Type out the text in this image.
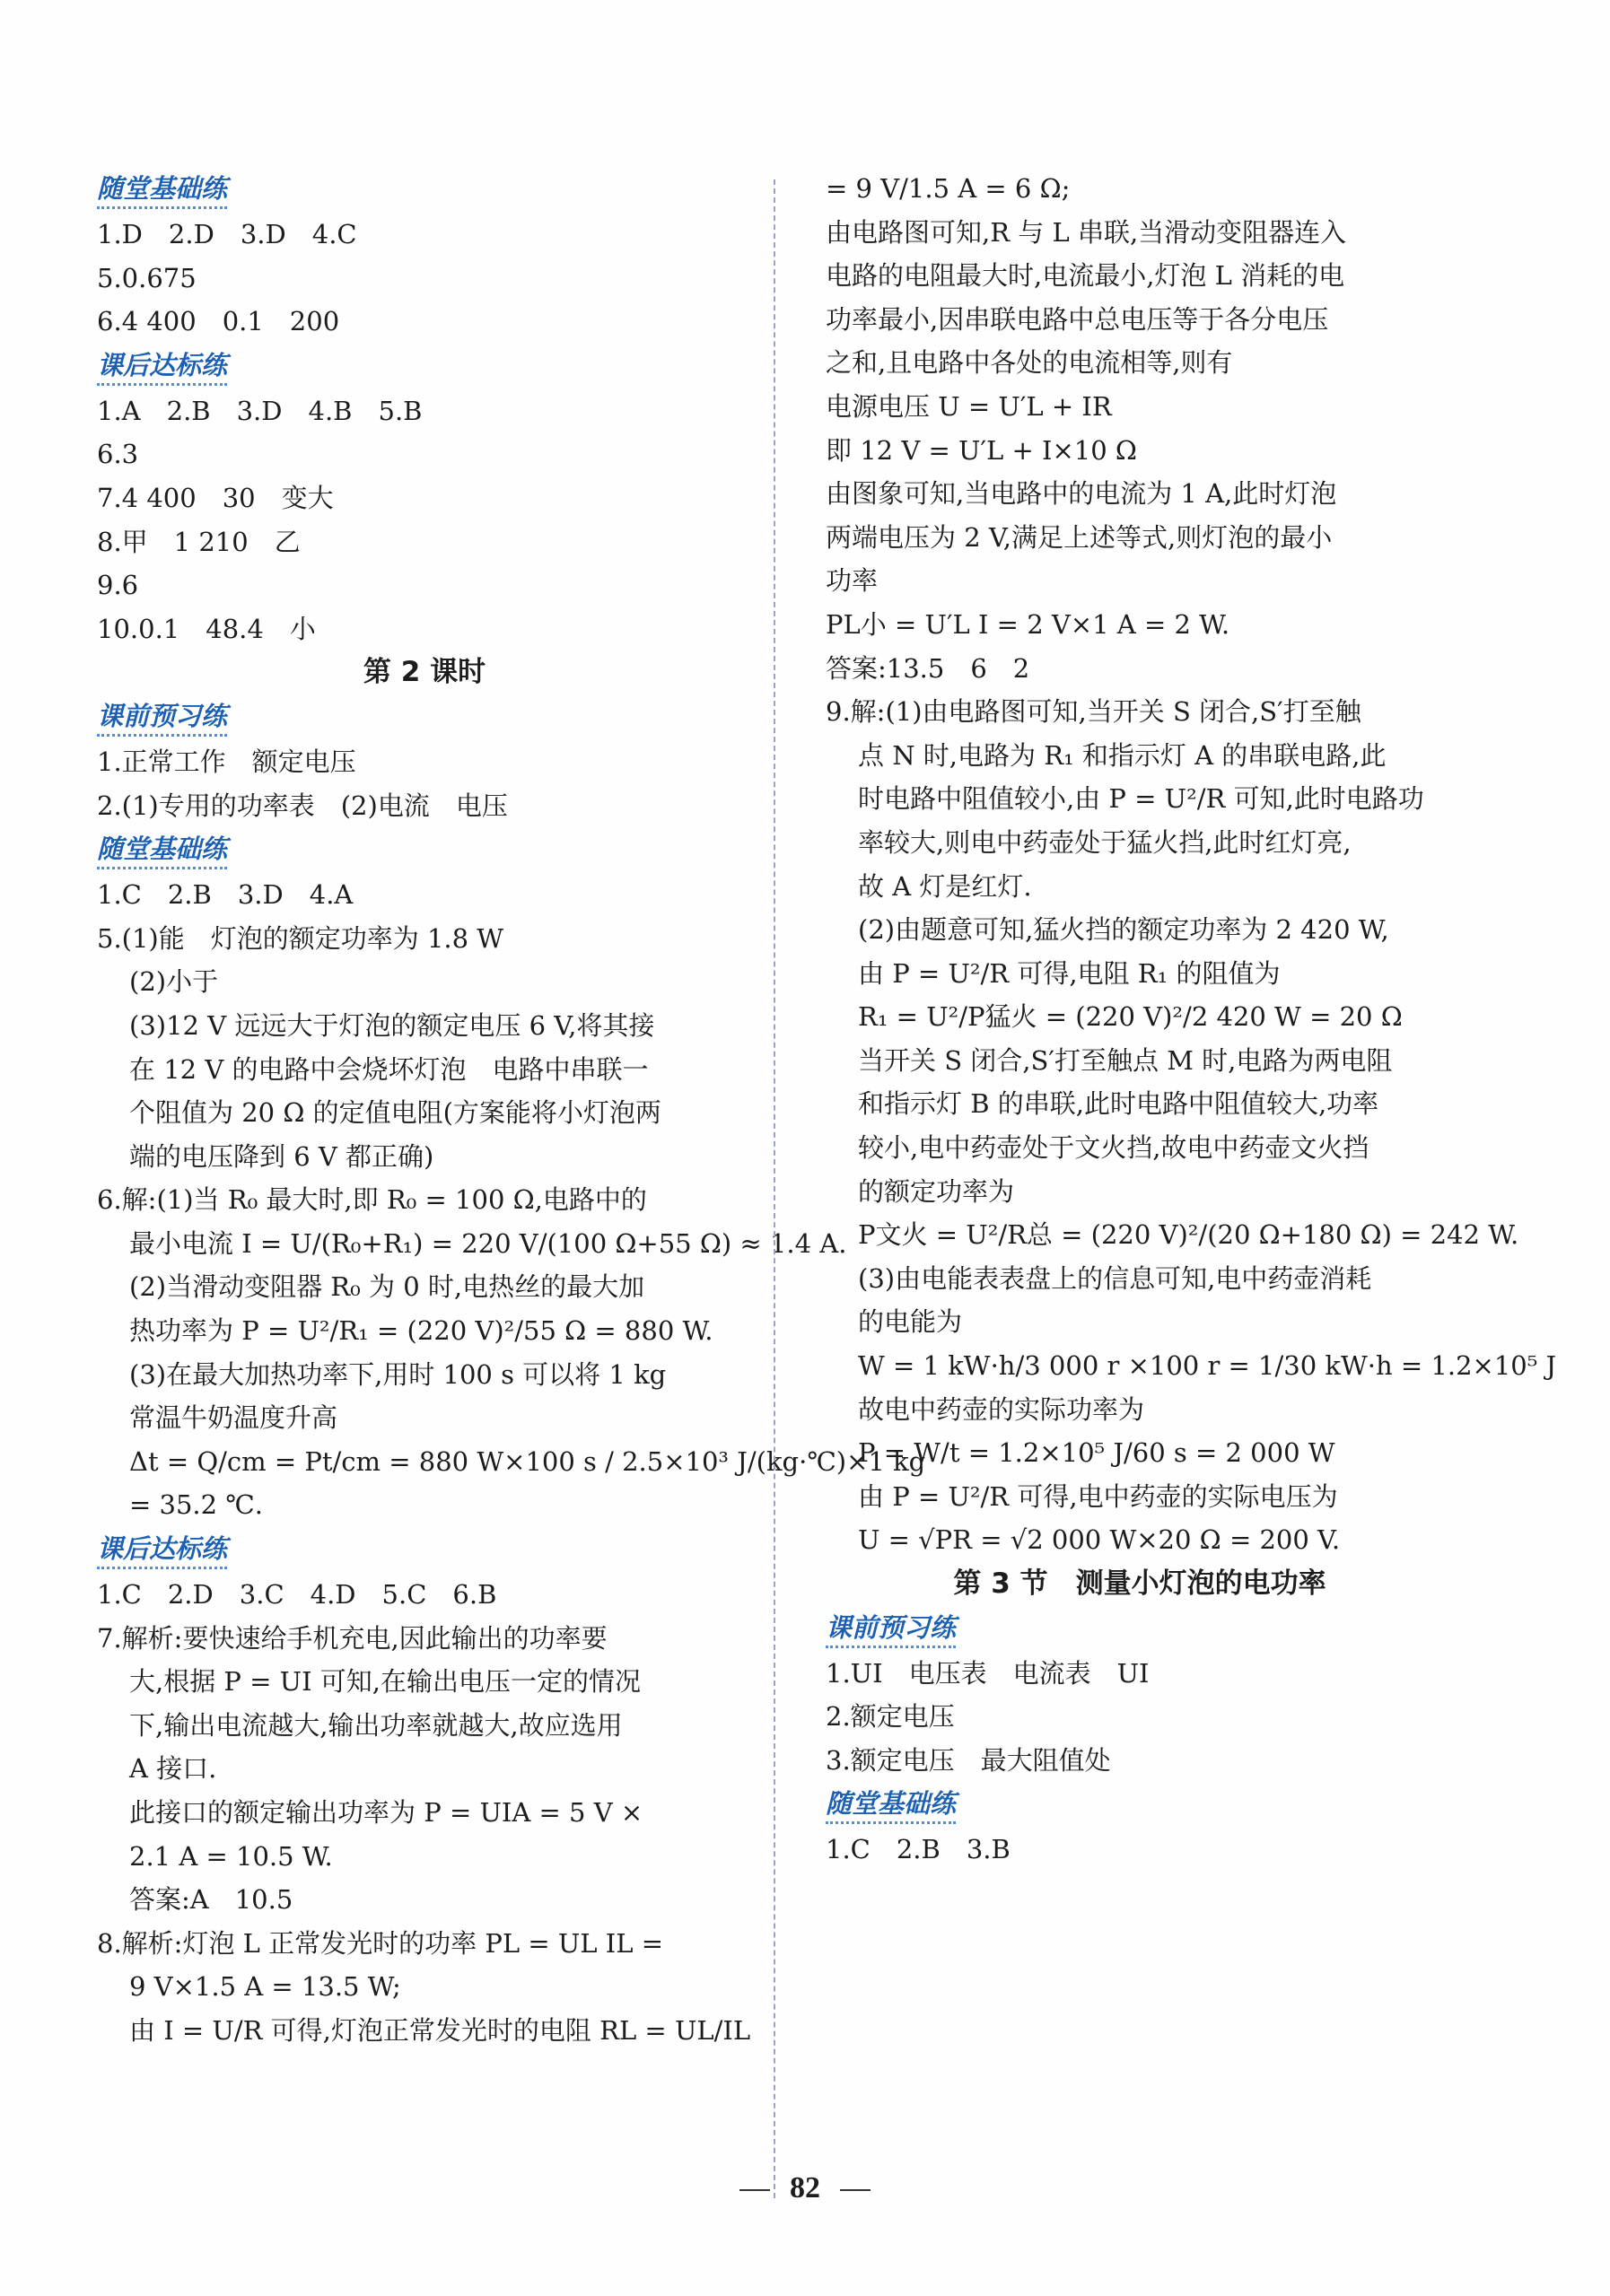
随堂基础练
1.D　2.D　3.D　4.C
5.0.675
6.4 400　0.1　200
课后达标练
1.A　2.B　3.D　4.B　5.B
6.3
7.4 400　30　变大
8.甲　1 210　乙
9.6
10.0.1　48.4　小
第 2 课时
课前预习练
1.正常工作　额定电压
2.(1)专用的功率表　(2)电流　电压
随堂基础练
1.C　2.B　3.D　4.A
5.(1)能　灯泡的额定功率为 1.8 W
(2)小于
(3)12 V 远远大于灯泡的额定电压 6 V,将其接
在 12 V 的电路中会烧坏灯泡　电路中串联一
个阻值为 20 Ω 的定值电阻(方案能将小灯泡两
端的电压降到 6 V 都正确)
6.解:(1)当 R₀ 最大时,即 R₀ = 100 Ω,电路中的
最小电流 I = U/(R₀+R₁) = 220 V/(100 Ω+55 Ω) ≈ 1.4 A.
(2)当滑动变阻器 R₀ 为 0 时,电热丝的最大加
热功率为 P = U²/R₁ = (220 V)²/55 Ω = 880 W.
(3)在最大加热功率下,用时 100 s 可以将 1 kg
常温牛奶温度升高
Δt = Q/cm = Pt/cm = 880 W×100 s / 2.5×10³ J/(kg·℃)×1 kg
= 35.2 ℃.
课后达标练
1.C　2.D　3.C　4.D　5.C　6.B
7.解析:要快速给手机充电,因此输出的功率要
大,根据 P = UI 可知,在输出电压一定的情况
下,输出电流越大,输出功率就越大,故应选用
A 接口.
此接口的额定输出功率为 P = UIA = 5 V ×
2.1 A = 10.5 W.
答案:A　10.5
8.解析:灯泡 L 正常发光时的功率 PL = UL IL =
9 V×1.5 A = 13.5 W;
由 I = U/R 可得,灯泡正常发光时的电阻 RL = UL/IL
= 9 V/1.5 A = 6 Ω;
由电路图可知,R 与 L 串联,当滑动变阻器连入
电路的电阻最大时,电流最小,灯泡 L 消耗的电
功率最小,因串联电路中总电压等于各分电压
之和,且电路中各处的电流相等,则有
电源电压 U = U′L + IR
即 12 V = U′L + I×10 Ω
由图象可知,当电路中的电流为 1 A,此时灯泡
两端电压为 2 V,满足上述等式,则灯泡的最小
功率
PL小 = U′L I = 2 V×1 A = 2 W.
答案:13.5　6　2
9.解:(1)由电路图可知,当开关 S 闭合,S′打至触
点 N 时,电路为 R₁ 和指示灯 A 的串联电路,此
时电路中阻值较小,由 P = U²/R 可知,此时电路功
率较大,则电中药壶处于猛火挡,此时红灯亮,
故 A 灯是红灯.
(2)由题意可知,猛火挡的额定功率为 2 420 W,
由 P = U²/R 可得,电阻 R₁ 的阻值为
R₁ = U²/P猛火 = (220 V)²/2 420 W = 20 Ω
当开关 S 闭合,S′打至触点 M 时,电路为两电阻
和指示灯 B 的串联,此时电路中阻值较大,功率
较小,电中药壶处于文火挡,故电中药壶文火挡
的额定功率为
P文火 = U²/R总 = (220 V)²/(20 Ω+180 Ω) = 242 W.
(3)由电能表表盘上的信息可知,电中药壶消耗
的电能为
W = 1 kW·h/3 000 r ×100 r = 1/30 kW·h = 1.2×10⁵ J
故电中药壶的实际功率为
P = W/t = 1.2×10⁵ J/60 s = 2 000 W
由 P = U²/R 可得,电中药壶的实际电压为
U = √PR = √2 000 W×20 Ω = 200 V.
第 3 节　测量小灯泡的电功率
课前预习练
1.UI　电压表　电流表　UI
2.额定电压
3.额定电压　最大阻值处
随堂基础练
1.C　2.B　3.B
82
